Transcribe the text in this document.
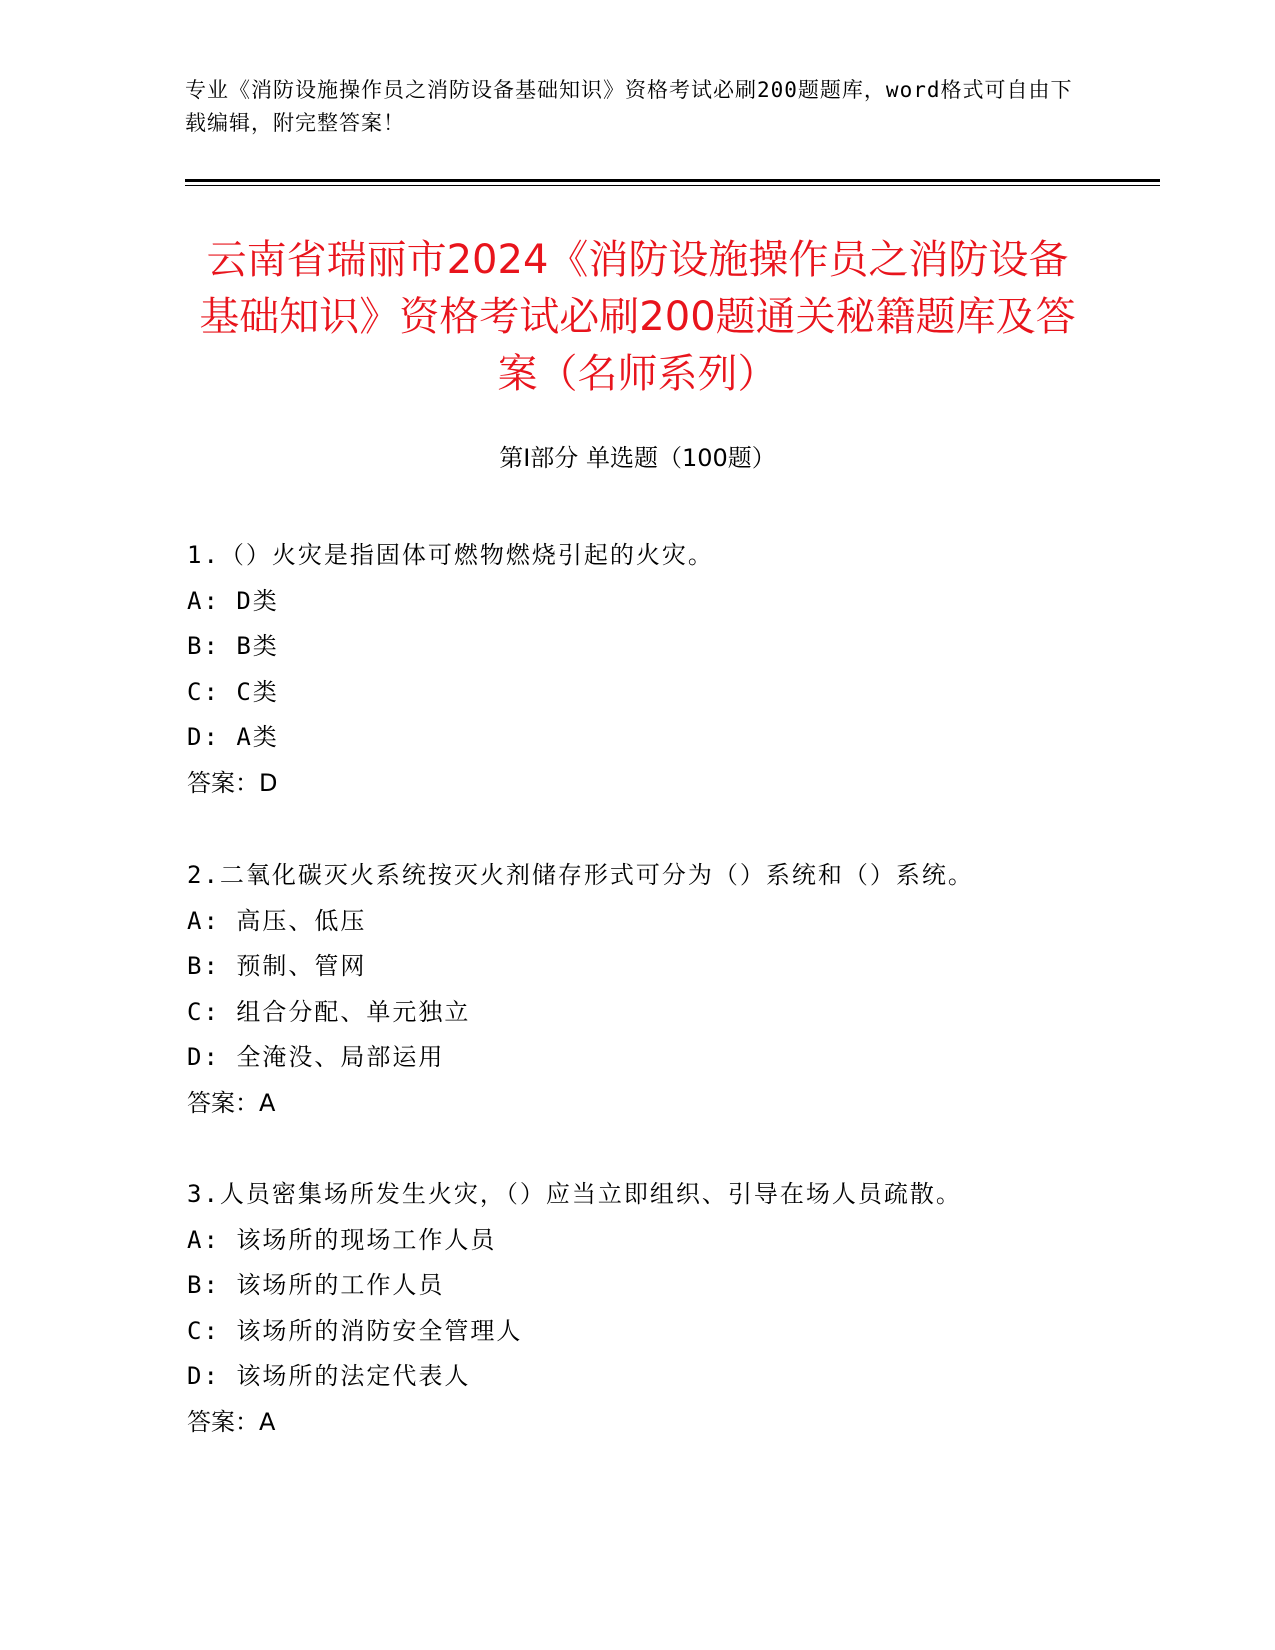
专业《消防设施操作员之消防设备基础知识》资格考试必刷200题题库，word格式可自由下载编辑，附完整答案！
云南省瑞丽市2024《消防设施操作员之消防设备基础知识》资格考试必刷200题通关秘籍题库及答案（名师系列）
第Ⅰ部分 单选题（100题）
1.（）火灾是指固体可燃物燃烧引起的火灾。
A: D类
B: B类
C: C类
D: A类
答案：D
2.二氧化碳灭火系统按灭火剂储存形式可分为（）系统和（）系统。
A: 高压、低压
B: 预制、管网
C: 组合分配、单元独立
D: 全淹没、局部运用
答案：A
3.人员密集场所发生火灾，（）应当立即组织、引导在场人员疏散。
A: 该场所的现场工作人员
B: 该场所的工作人员
C: 该场所的消防安全管理人
D: 该场所的法定代表人
答案：A
